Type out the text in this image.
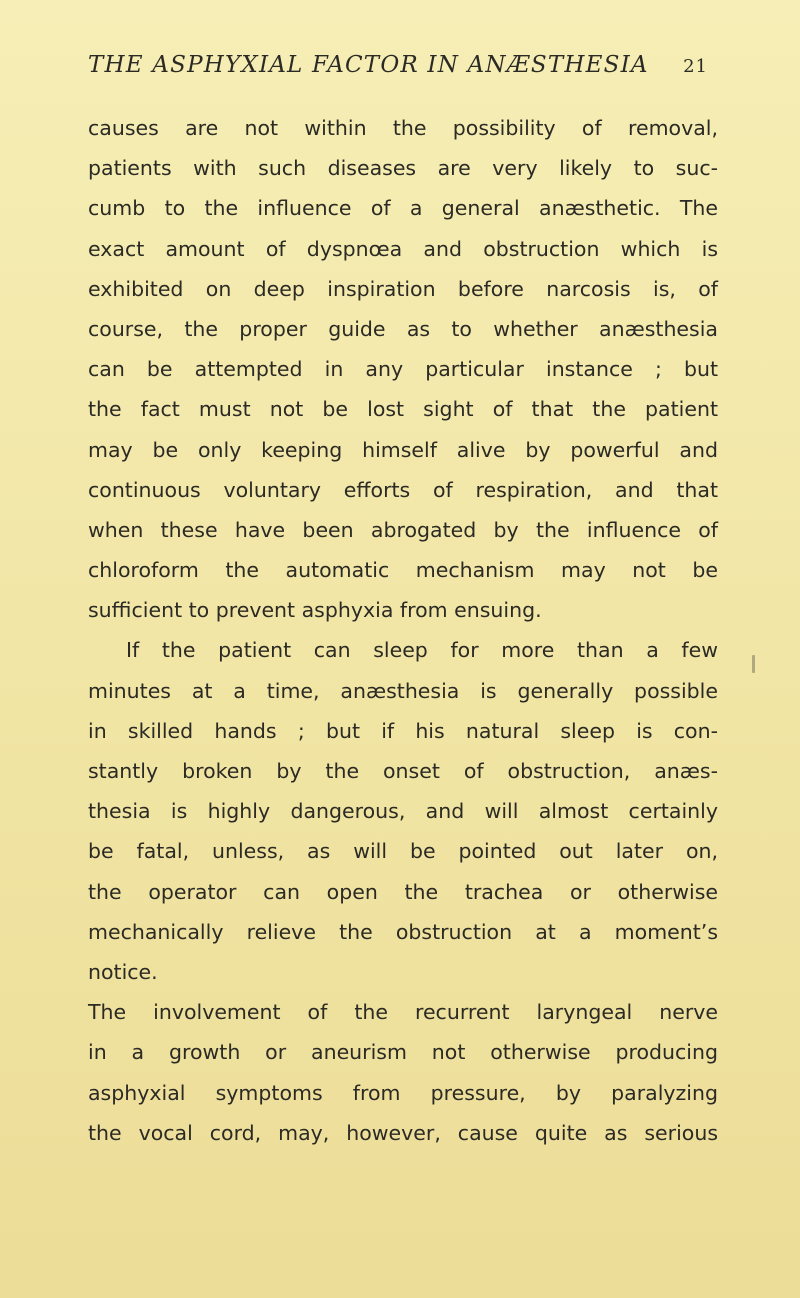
THE ASPHYXIAL FACTOR IN ANÆSTHESIA 21
causes are not within the possibility of removal,
patients with such diseases are very likely to suc-
cumb to the influence of a general anæsthetic. The
exact amount of dyspnœa and obstruction which is
exhibited on deep inspiration before narcosis is, of
course, the proper guide as to whether anæsthesia
can be attempted in any particular instance ; but
the fact must not be lost sight of that the patient
may be only keeping himself alive by powerful and
continuous voluntary efforts of respiration, and that
when these have been abrogated by the influence of
chloroform the automatic mechanism may not be
sufficient to prevent asphyxia from ensuing.
If the patient can sleep for more than a few
minutes at a time, anæsthesia is generally possible
in skilled hands ; but if his natural sleep is con-
stantly broken by the onset of obstruction, anæs-
thesia is highly dangerous, and will almost certainly
be fatal, unless, as will be pointed out later on,
the operator can open the trachea or otherwise
mechanically relieve the obstruction at a moment’s
notice.
The involvement of the recurrent laryngeal nerve
in a growth or aneurism not otherwise producing
asphyxial symptoms from pressure, by paralyzing
the vocal cord, may, however, cause quite as serious
